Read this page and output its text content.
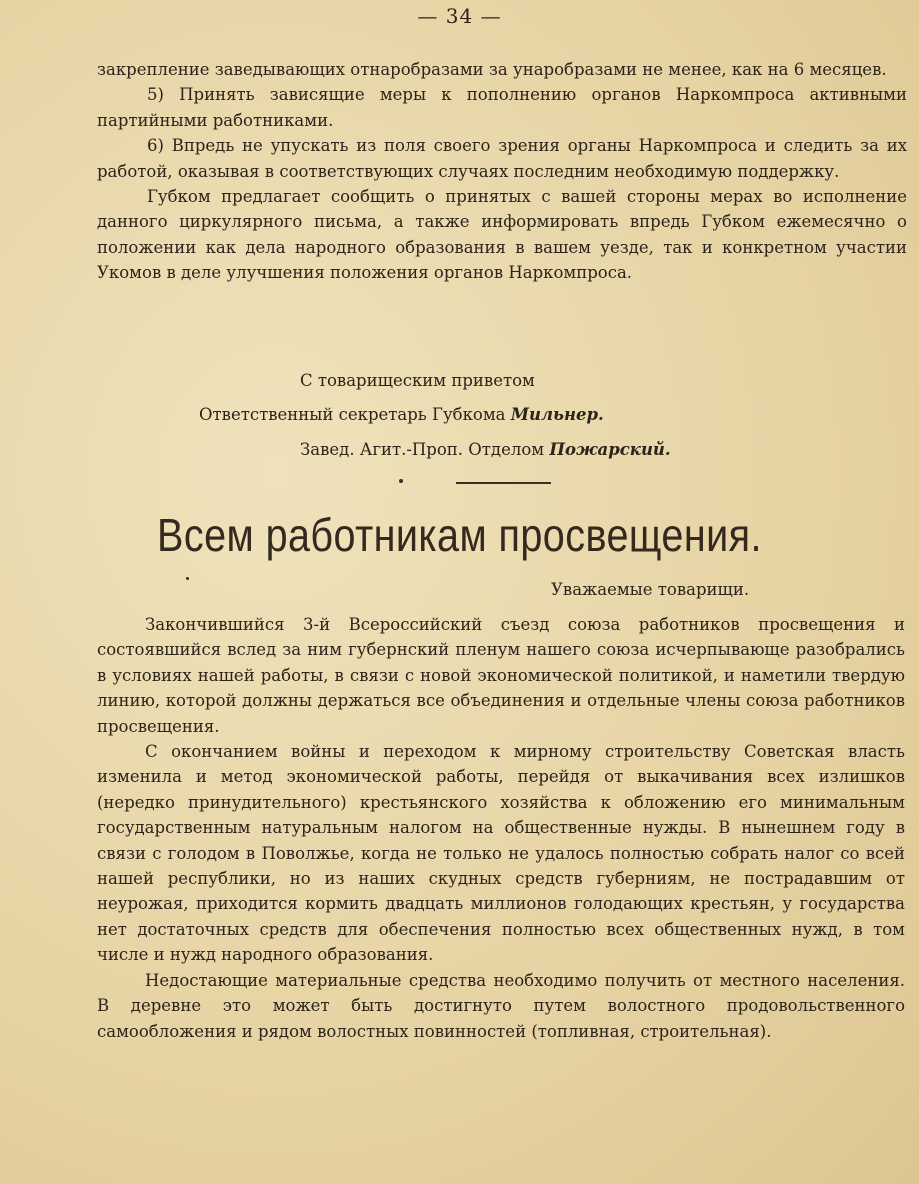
— 34 —

закрепление заведывающих отнаробразами за унаробразами не менее, как на 6 месяцев.

5) Принять зависящие меры к пополнению органов Наркомпроса активными партийными работниками.

6) Впредь не упускать из поля своего зрения органы Наркомпроса и следить за их работой, оказывая в соответствующих случаях последним необходимую поддержку.

Губком предлагает сообщить о принятых с вашей стороны мерах во исполнение данного циркулярного письма, а также информировать впредь Губком ежемесячно о положении как дела народного образования в вашем уезде, так и конкретном участии Укомов в деле улучшения положения органов Наркомпроса.

С товарищеским приветом
Ответственный секретарь Губкома Мильнер.
Завед. Агит.-Проп. Отделом Пожарский.
Всем работникам просвещения.
Уважаемые товарищи.

Закончившийся 3-й Всероссийский съезд союза работников просвещения и состоявшийся вслед за ним губернский пленум нашего союза исчерпывающе разобрались в условиях нашей работы, в связи с новой экономической политикой, и наметили твердую линию, которой должны держаться все объединения и отдельные члены союза работников просвещения.

С окончанием войны и переходом к мирному строительству Советская власть изменила и метод экономической работы, перейдя от выкачивания всех излишков (нередко принудительного) крестьянского хозяйства к обложению его минимальным государственным натуральным налогом на общественные нужды. В нынешнем году в связи с голодом в Поволжье, когда не только не удалось полностью собрать налог со всей нашей республики, но из наших скудных средств губерниям, не пострадавшим от неурожая, приходится кормить двадцать миллионов голодающих крестьян, у государства нет достаточных средств для обеспечения полностью всех общественных нужд, в том числе и нужд народного образования.

Недостающие материальные средства необходимо получить от местного населения. В деревне это может быть достигнуто путем волостного продовольственного самообложения и рядом волостных повинностей (топливная, строительная).
